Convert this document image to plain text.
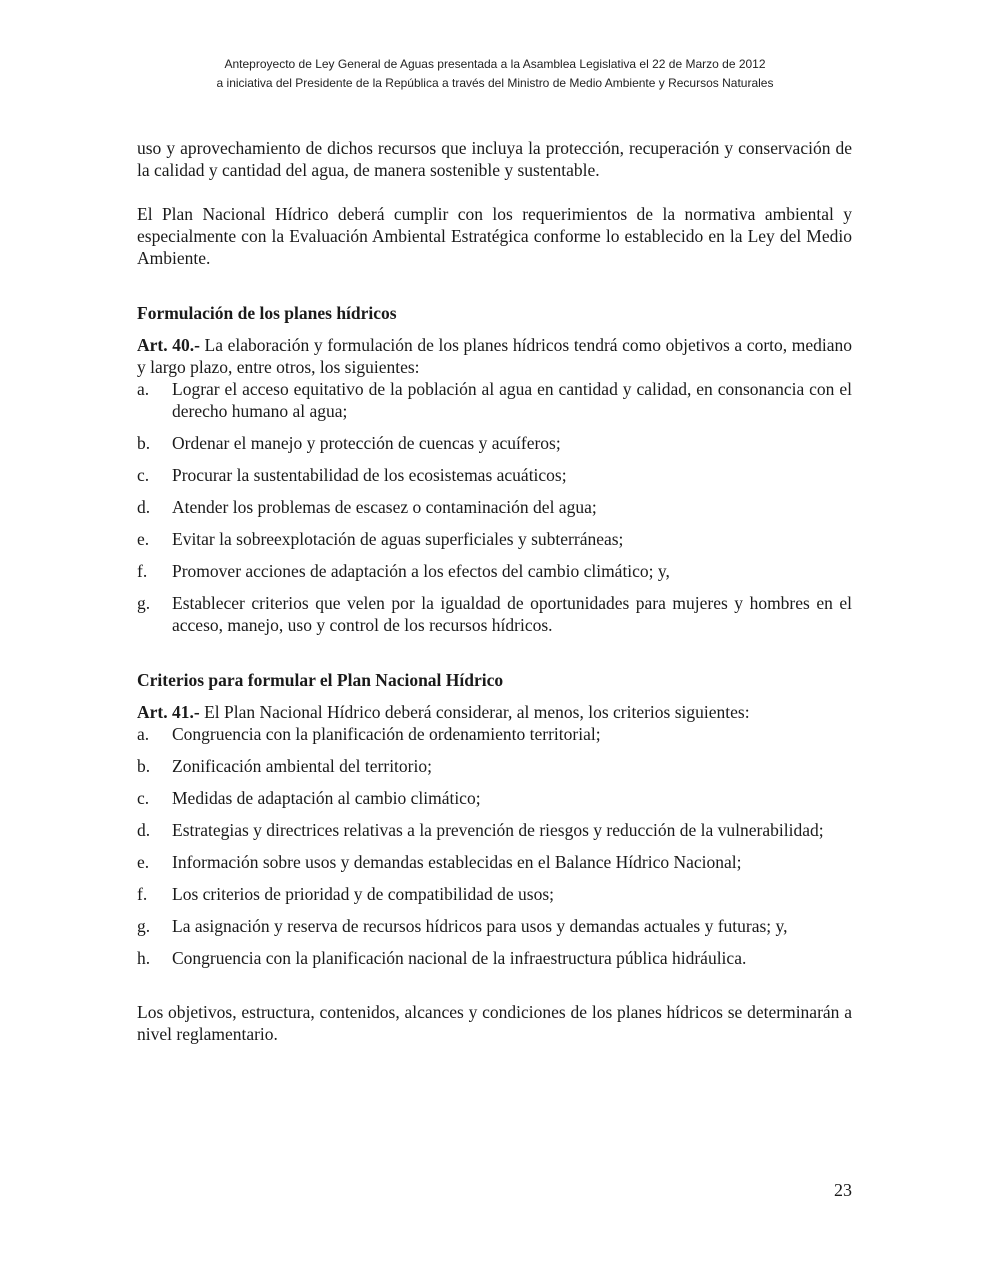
Anteproyecto de Ley General de Aguas presentada a la Asamblea Legislativa el 22 de Marzo de 2012
a iniciativa del Presidente de la República a través del Ministro de Medio Ambiente y Recursos Naturales

uso y aprovechamiento de dichos recursos que incluya la protección, recuperación y conservación de la calidad y cantidad del agua, de manera sostenible y sustentable.

El Plan Nacional Hídrico deberá cumplir con los requerimientos de la normativa ambiental y especialmente con la Evaluación Ambiental Estratégica conforme lo establecido en la Ley del Medio Ambiente.

Formulación de los planes hídricos

Art. 40.- La elaboración y formulación de los planes hídricos tendrá como objetivos a corto, mediano y largo plazo, entre otros, los siguientes:

a.	Lograr el acceso equitativo de la población al agua en cantidad y calidad, en consonancia con el derecho humano al agua;
b.	Ordenar el manejo y protección de cuencas y acuíferos;
c.	Procurar la sustentabilidad de los ecosistemas acuáticos;
d.	Atender los problemas de escasez o contaminación del agua;
e.	Evitar la sobreexplotación de aguas superficiales y subterráneas;
f.	Promover acciones de adaptación a los efectos del cambio climático; y,
g.	Establecer criterios que velen por la igualdad de oportunidades para mujeres y hombres en el acceso, manejo, uso y control de los recursos hídricos.

Criterios para formular el Plan Nacional Hídrico

Art. 41.- El Plan Nacional Hídrico deberá considerar, al menos, los criterios siguientes:

a.	Congruencia con la planificación de ordenamiento territorial;
b.	Zonificación ambiental del territorio;
c.	Medidas de adaptación al cambio climático;
d.	Estrategias y directrices relativas a la prevención de riesgos y reducción de la vulnerabilidad;
e.	Información sobre usos y demandas establecidas en el Balance Hídrico Nacional;
f.	Los criterios de prioridad y de compatibilidad de usos;
g.	La asignación y reserva de recursos hídricos para usos y demandas actuales y futuras; y,
h.	Congruencia con la planificación nacional de la infraestructura pública hidráulica.

Los objetivos, estructura, contenidos, alcances y condiciones de los planes hídricos se determinarán a nivel reglamentario.

23
